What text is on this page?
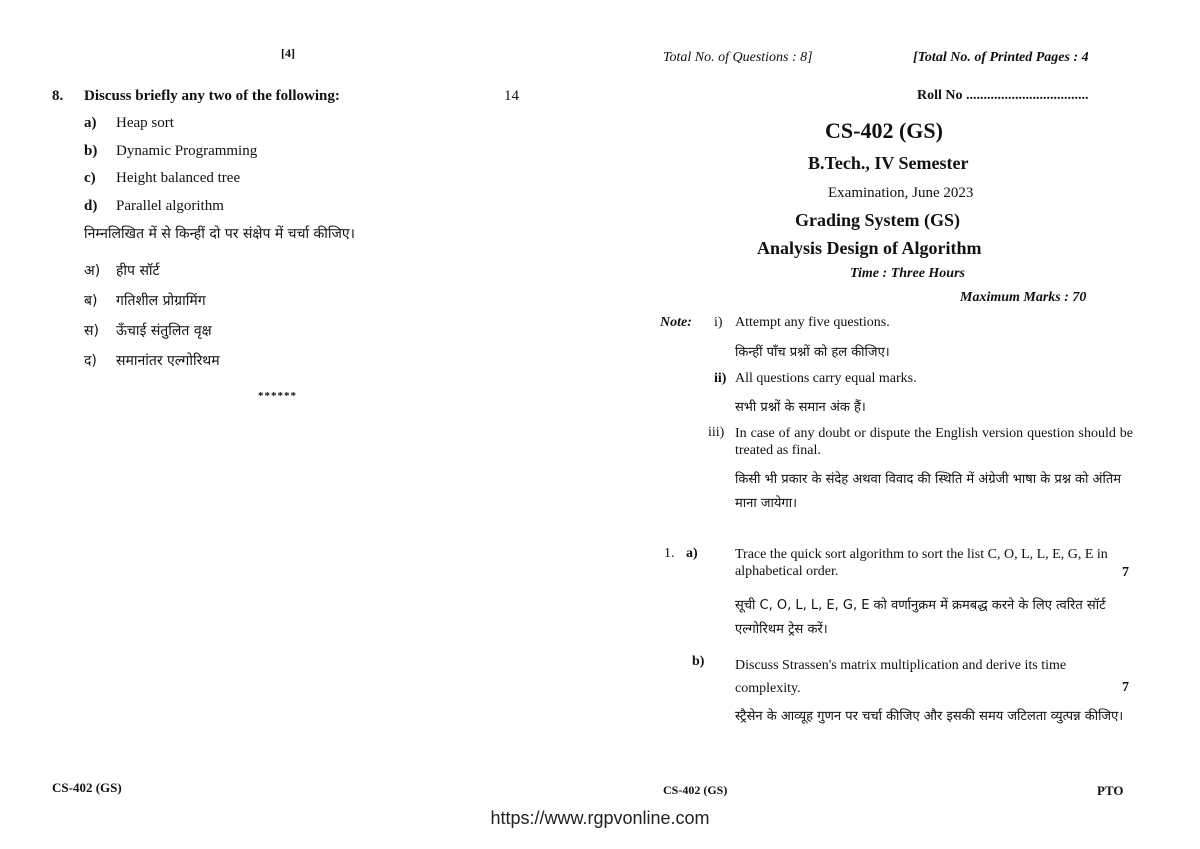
[4]
8. Discuss briefly any two of the following:	14
a) Heap sort
b) Dynamic Programming
c) Height balanced tree
d) Parallel algorithm
निम्नलिखित में से किन्हीं दो पर संक्षेप में चर्चा कीजिए।
अ) हीप सॉर्ट
ब) गतिशील प्रोग्रामिंग
स) ऊँचाई संतुलित वृक्ष
द) समानांतर एल्गोरिथम
******
CS-402 (GS)
Total No. of Questions : 8]	[Total No. of Printed Pages : 4
Roll No ...................................
CS-402 (GS)
B.Tech., IV Semester
Examination, June 2023
Grading System (GS)
Analysis Design of Algorithm
Time : Three Hours
Maximum Marks : 70
Note: i) Attempt any five questions.
किन्हीं पाँच प्रश्नों को हल कीजिए।
ii) All questions carry equal marks.
सभी प्रश्नों के समान अंक हैं।
iii) In case of any doubt or dispute the English version question should be treated as final.
किसी भी प्रकार के संदेह अथवा विवाद की स्थिति में अंग्रेजी भाषा के प्रश्न को अंतिम माना जायेगा।
1. a)	Trace the quick sort algorithm to sort the list C, O, L, L, E, G, E in alphabetical order.	7
सूची C, O, L, L, E, G, E को वर्णानुक्रम में क्रमबद्ध करने के लिए त्वरित सॉर्ट एल्गोरिथम ट्रेस करें।
b) Discuss Strassen's matrix multiplication and derive its time complexity.	7
स्ट्रैसेन के आव्यूह गुणन पर चर्चा कीजिए और इसकी समय जटिलता व्युत्पन्न कीजिए।
CS-402 (GS)	PTO
https://www.rgpvonline.com
